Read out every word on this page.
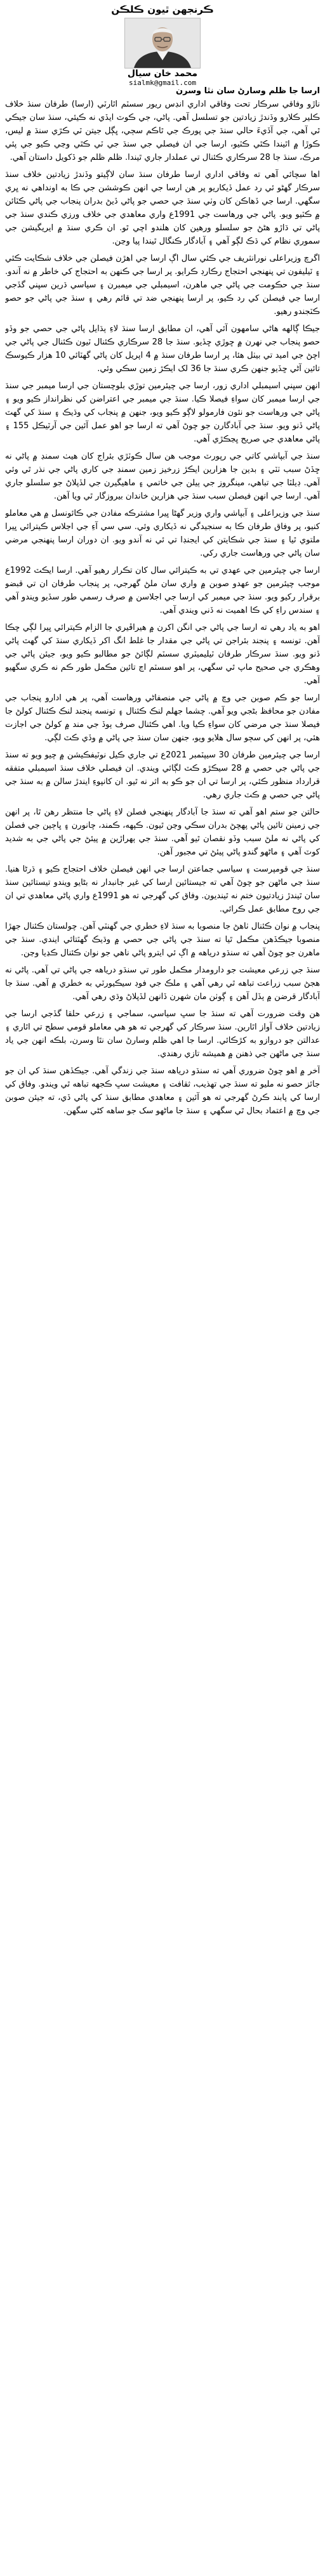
ڪرنجھن ٿيون ڪلڪن
محمد خان سيال
sialmk@gmail.com
ارسا جا ظلم وسارڻ سان نٿا وسرن

ناڙو وفاقي سرڪار تحت وفاقي اداري انڊس ريور سسٽم اٿارٽي (ارسا) طرفان سنڌ خلاف ڪلير ڪلارو وڏندڙ زيادتين جو تسلسل آهي. پاڻي، جي ڪوٽ ايڏي نه ڪيئي، سنڌ سان جيڪي ٿي آهي، جي آڏيءَ حالي سنڌ جي پورڪ جي ٿاڪم سڄي، ڀڳل جيتن ٽي ڪڙي سنڌ ۾ ليس، ڪوڙا ۾ اٿيندا ڪٿي ڪٽيو، ارسا جي ان فيصلي جي سنڌ جي ٽي ڪٿي وڃي ڪيو جي پئي مرڪ، سنڌ جا 28 سرڪاري ڪئنال تي عملدار جاري ٿيندا. ظلم ظلم جو ڏکويل داستان آهي.

اها سچائي آهي ته وفاقي اداري ارسا طرفان سنڌ سان لاڳيتو وڏندڙ زيادتين خلاف سنڌ سرڪار گهڻو ئي رد عمل ڏيکاريو پر هن ارسا جي انهن ڪوششن جي ڪا به اونداهي نه ڀري سگهي. ارسا جي ڏهاڪن کان وٺي سنڌ جي حصي جو پاڻي ڏيڻ بدران پنجاب جي پاڻي ڪٽائن ۾ ڪٽيو ويو. پاڻي جي ورهاست جي 1991ع واري معاهدي جي خلاف ورزي ڪندي سنڌ جي پاڻي تي ڌاڙو هڻڻ جو سلسلو ورهين کان هلندو اچي ٿو. ان ڪري سنڌ ۾ ايريگيشن جي سموري نظام کي ڌڪ لڳو آهي ۽ آبادگار ڪنگال ٿيندا پيا وڃن.

اگرچ وزيراعلى نورانثريف جي ڪئي سال اڳ ارسا جي اهڙن فيصلن جي خلاف شڪايت ڪئي ۽ ٽيليفون تي پنهنجي احتجاج رڪارڊ ڪرايو. پر ارسا جي ڪنهن به احتجاج کي خاطر ۾ نه آندو. سنڌ جي حڪومت جي پاڻي جي ماهرن، اسيمبلي جي ميمبرن ۽ سياسي ڌرين سڀني گڏجي ارسا جي فيصلن کي رد ڪيو، پر ارسا پنهنجي ضد تي قائم رهي ۽ سنڌ جي پاڻي جو حصو ڪٽجندو رهيو.

جيڪا ڳالهه هاڻي سامهون آئي آهي، ان مطابق ارسا سنڌ لاءِ ٻڌايل پاڻي جي حصي جو وڏو حصو پنجاب جي نهرن ۾ ڇوڙي ڇڏيو. سنڌ جا 28 سرڪاري ڪئنال ٽيون ڪئنال جي پاڻي جي اچڻ جي اميد تي بيٺل هئا، پر ارسا طرفان سنڌ ۾ 4 اپريل کان پاڻي گهٽائي 10 هزار ڪيوسڪ تائين آڻي ڇڏيو جنهن ڪري سنڌ جا 36 لک ايڪڙ زمين سڪي وئي.

انهن سڀني اسيمبلي اداري زور، ارسا جي چيئرمين توڙي بلوچستان جي ارسا ميمبر جي سنڌ جي ارسا ميمبر کان سواءِ فيصلا ڪيا. سنڌ جي ميمبر جي اعتراضن کي نظرانداز ڪيو ويو ۽ پاڻي جي ورهاست جو نئون فارمولو لاڳو ڪيو ويو، جنهن ۾ پنجاب کي وڌيڪ ۽ سنڌ کي گهٽ پاڻي ڏنو ويو. سنڌ جي آبادگارن جو چوڻ آهي ته ارسا جو اهو عمل آئين جي آرٽيڪل 155 ۽ پاڻي معاهدي جي صريح ڀڃڪڙي آهي.

سنڌ جي آبپاشي کاتي جي رپورٽ موجب هن سال ڪوٽڙي بئراج کان هيٺ سمنڊ ۾ پاڻي نه ڇڏڻ سبب ٺٽي ۽ بدين جا هزارين ايڪڙ زرخيز زمين سمنڊ جي کاري پاڻي جي نذر ٿي وئي آهي. ڊيلٽا جي تباهي، مينگروز جي ٻيلن جي خاتمي ۽ ماهيگيرن جي لڏپلاڻ جو سلسلو جاري آهي. ارسا جي انهن فيصلن سبب سنڌ جي هزارين خاندان بيروزگار ٿي ويا آهن.

سنڌ جي وزيراعلى ۽ آبپاشي واري وزير گهڻا ڀيرا مشترڪه مفادن جي ڪائونسل ۾ هي معاملو کنيو، پر وفاق طرفان ڪا به سنجيدگي نه ڏيکاري وئي. سي سي آءِ جي اجلاس ڪيترائي ڀيرا ملتوي ٿيا ۽ سنڌ جي شڪايتن کي ايجنڊا تي ئي نه آندو ويو. ان دوران ارسا پنهنجي مرضي سان پاڻي جي ورهاست جاري رکي.

ارسا جي چيئرمين جي عهدي تي به ڪيترائي سال کان تڪرار رهيو آهي. ارسا ايڪٽ 1992ع موجب چيئرمين جو عهدو صوبن ۾ واري سان ملڻ گهرجي، پر پنجاب طرفان ان تي قبضو برقرار رکيو ويو. سنڌ جي ميمبر کي ارسا جي اجلاسن ۾ صرف رسمي طور سڏيو ويندو آهي ۽ سندس راءِ کي ڪا اهميت نه ڏني ويندي آهي.

اهو به ياد رهي ته ارسا جي پاڻي جي انگن اکرن ۾ هيراڦيري جا الزام ڪيترائي ڀيرا لڳي چڪا آهن. تونسه ۽ پنجند بئراجن تي پاڻي جي مقدار جا غلط انگ اکر ڏيکاري سنڌ کي گهٽ پاڻي ڏنو ويو. سنڌ سرڪار طرفان ٽيليميٽري سسٽم لڳائڻ جو مطالبو ڪيو ويو، جيئن پاڻي جي وهڪري جي صحيح ماپ ٿي سگهي، پر اهو سسٽم اڄ تائين مڪمل طور ڪم نه ڪري سگهيو آهي.

ارسا جو ڪم صوبن جي وچ ۾ پاڻي جي منصفاڻي ورهاست آهي، پر هي ادارو پنجاب جي مفادن جو محافظ بڻجي ويو آهي. چشما جهلم لنڪ ڪئنال ۽ تونسه پنجند لنڪ ڪئنال کولڻ جا فيصلا سنڌ جي مرضي کان سواءِ ڪيا ويا. اهي ڪئنال صرف ٻوڏ جي مند ۾ کولڻ جي اجازت هئي، پر انهن کي سڄو سال هلايو ويو، جنهن سان سنڌ جي پاڻي ۾ وڏي ڪٽ لڳي.

ارسا جي چيئرمين طرفان 30 سيپٽمبر 2021ع تي جاري ڪيل نوٽيفڪيشن ۾ چيو ويو ته سنڌ جي پاڻي جي حصي ۾ 28 سيڪڙو ڪٽ لڳائي ويندي. ان فيصلي خلاف سنڌ اسيمبلي متفقه قرارداد منظور ڪئي، پر ارسا تي ان جو ڪو به اثر نه ٿيو. ان کانپوءِ ايندڙ سالن ۾ به سنڌ جي پاڻي جي حصي ۾ ڪٽ جاري رهي.

حالتن جو ستم اهو آهي ته سنڌ جا آبادگار پنهنجي فصلن لاءِ پاڻي جا منتظر رهن ٿا، پر انهن جي زمينن تائين پاڻي پهچڻ بدران سڪي وڃن ٿيون. ڪپهه، ڪمند، چانورن ۽ ڀاڄين جي فصلن کي پاڻي نه ملڻ سبب وڏو نقصان ٿيو آهي. سنڌ جي ٻهراڙين ۾ پيئڻ جي پاڻي جي به شديد کوٽ آهي ۽ ماڻهو گندو پاڻي پيئڻ تي مجبور آهن.

سنڌ جي قومپرست ۽ سياسي جماعتن ارسا جي انهن فيصلن خلاف احتجاج ڪيو ۽ ڌرڻا هنيا. سنڌ جي ماڻهن جو چوڻ آهي ته جيستائين ارسا کي غير جانبدار نه بڻايو ويندو تيستائين سنڌ سان ٿيندڙ زيادتيون ختم نه ٿينديون. وفاق کي گهرجي ته هو 1991ع واري پاڻي معاهدي تي ان جي روح مطابق عمل ڪرائي.

پنجاب ۾ نوان ڪئنال ٺاهڻ جا منصوبا به سنڌ لاءِ خطري جي گهنٽي آهن. چولستان ڪئنال جهڙا منصوبا جيڪڏهن مڪمل ٿيا ته سنڌ جي پاڻي جي حصي ۾ وڌيڪ گهٽتائي ايندي. سنڌ جي ماهرن جو چوڻ آهي ته سنڌو درياهه ۾ اڳ ئي ايترو پاڻي ناهي جو نوان ڪئنال ڪڍيا وڃن.

سنڌ جي زرعي معيشت جو دارومدار مڪمل طور تي سنڌو درياهه جي پاڻي تي آهي. پاڻي نه هجڻ سبب زراعت تباهه ٿي رهي آهي ۽ ملڪ جي فوڊ سيڪيورٽي به خطري ۾ آهي. سنڌ جا آبادگار قرضن ۾ ٻڏل آهن ۽ ڳوٺن مان شهرن ڏانهن لڏپلاڻ وڌي رهي آهي.

هن وقت ضرورت آهي ته سنڌ جا سڀ سياسي، سماجي ۽ زرعي حلقا گڏجي ارسا جي زيادتين خلاف آواز اٿارين. سنڌ سرڪار کي گهرجي ته هو هي معاملو قومي سطح تي اٿاري ۽ عدالتن جو دروازو به کڙڪائي. ارسا جا اهي ظلم وسارڻ سان نٿا وسرن، بلڪه انهن جي ياد سنڌ جي ماڻهن جي ذهنن ۾ هميشه تازي رهندي.

آخر ۾ اهو چوڻ ضروري آهي ته سنڌو درياهه سنڌ جي زندگي آهي. جيڪڏهن سنڌ کي ان جو جائز حصو نه مليو ته سنڌ جي تهذيب، ثقافت ۽ معيشت سڀ ڪجهه تباهه ٿي ويندو. وفاق کي ارسا کي پابند ڪرڻ گهرجي ته هو آئين ۽ معاهدي مطابق سنڌ کي پاڻي ڏي، ته جيئن صوبن جي وچ ۾ اعتماد بحال ٿي سگهي ۽ سنڌ جا ماڻهو سک جو ساهه کڻي سگهن.
